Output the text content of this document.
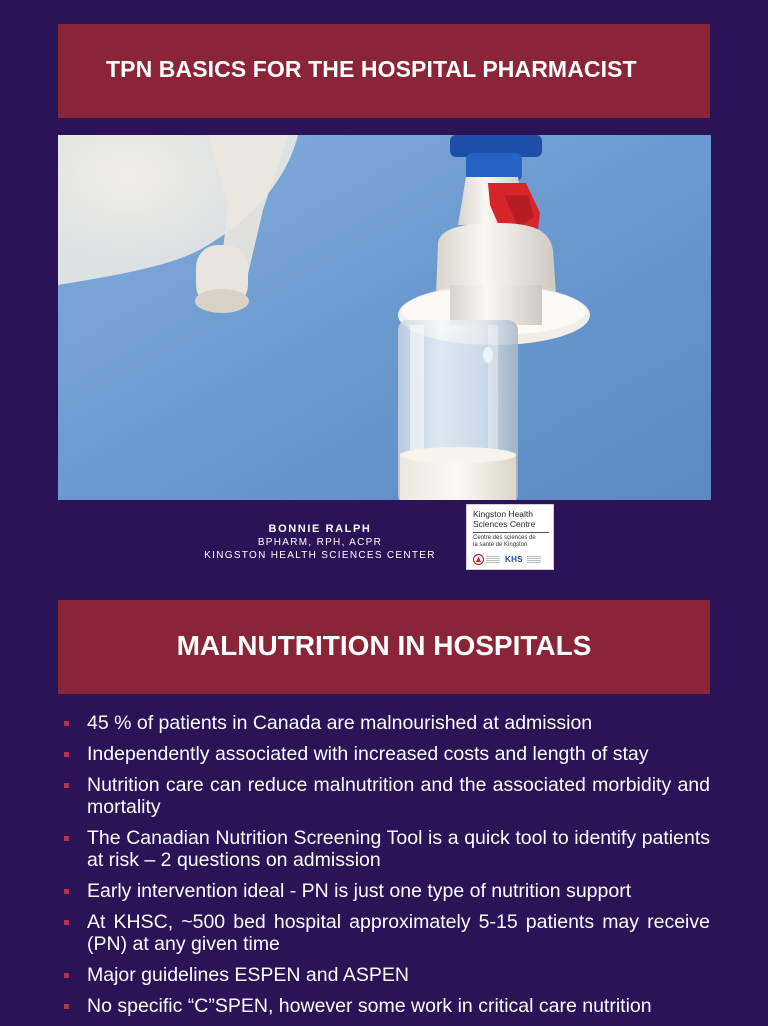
TPN BASICS FOR THE HOSPITAL PHARMACIST
BONNIE RALPH
BPHARM, RPH, ACPR
KINGSTON HEALTH SCIENCES CENTER
Kingston Health
Sciences Centre
Centre des sciences de
la santé de Kingston
KHS
MALNUTRITION IN HOSPITALS
45 % of patients in Canada are malnourished at admission
Independently associated with increased costs and length of stay
Nutrition care can reduce malnutrition and the associated morbidity and mortality
The Canadian Nutrition Screening Tool is a quick tool to identify patients at risk – 2 questions on admission
Early intervention ideal - PN is just one type of nutrition support
At KHSC, ~500 bed hospital approximately 5-15 patients may receive (PN) at any given time
Major guidelines ESPEN and ASPEN
No specific “C”SPEN, however some work in critical care nutrition
